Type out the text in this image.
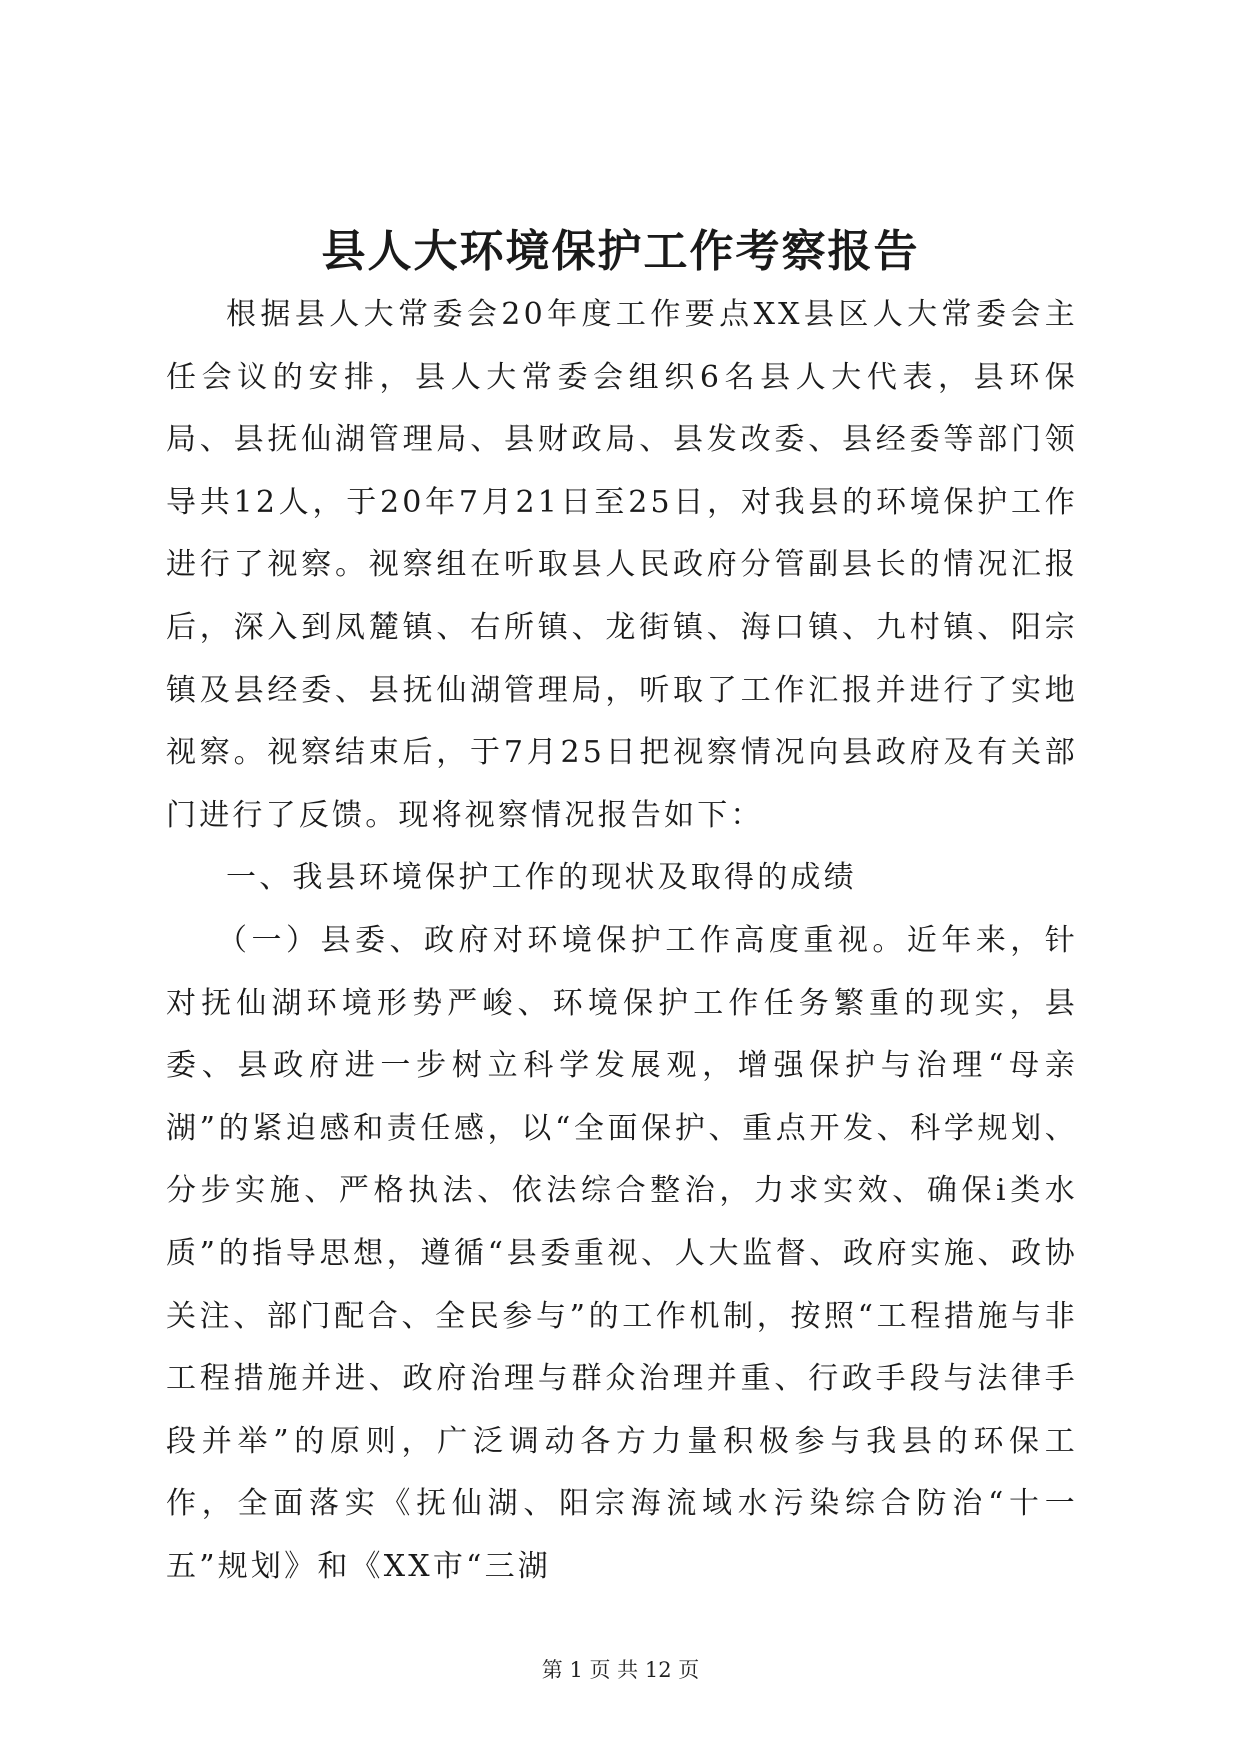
县人大环境保护工作考察报告

根据县人大常委会20年度工作要点XX县区人大常委会主任会议的安排，县人大常委会组织6名县人大代表，县环保局、县抚仙湖管理局、县财政局、县发改委、县经委等部门领导共12人，于20年7月21日至25日，对我县的环境保护工作进行了视察。视察组在听取县人民政府分管副县长的情况汇报后，深入到凤麓镇、右所镇、龙街镇、海口镇、九村镇、阳宗镇及县经委、县抚仙湖管理局，听取了工作汇报并进行了实地视察。视察结束后，于7月25日把视察情况向县政府及有关部门进行了反馈。现将视察情况报告如下：

一、我县环境保护工作的现状及取得的成绩

（一）县委、政府对环境保护工作高度重视。近年来，针对抚仙湖环境形势严峻、环境保护工作任务繁重的现实，县委、县政府进一步树立科学发展观，增强保护与治理“母亲湖”的紧迫感和责任感，以“全面保护、重点开发、科学规划、分步实施、严格执法、依法综合整治，力求实效、确保ⅰ类水质”的指导思想，遵循“县委重视、人大监督、政府实施、政协关注、部门配合、全民参与”的工作机制，按照“工程措施与非工程措施并进、政府治理与群众治理并重、行政手段与法律手段并举”的原则，广泛调动各方力量积极参与我县的环保工作，全面落实《抚仙湖、阳宗海流域水污染综合防治“十一五”规划》和《XX市“三湖

第 1 页 共 12 页
